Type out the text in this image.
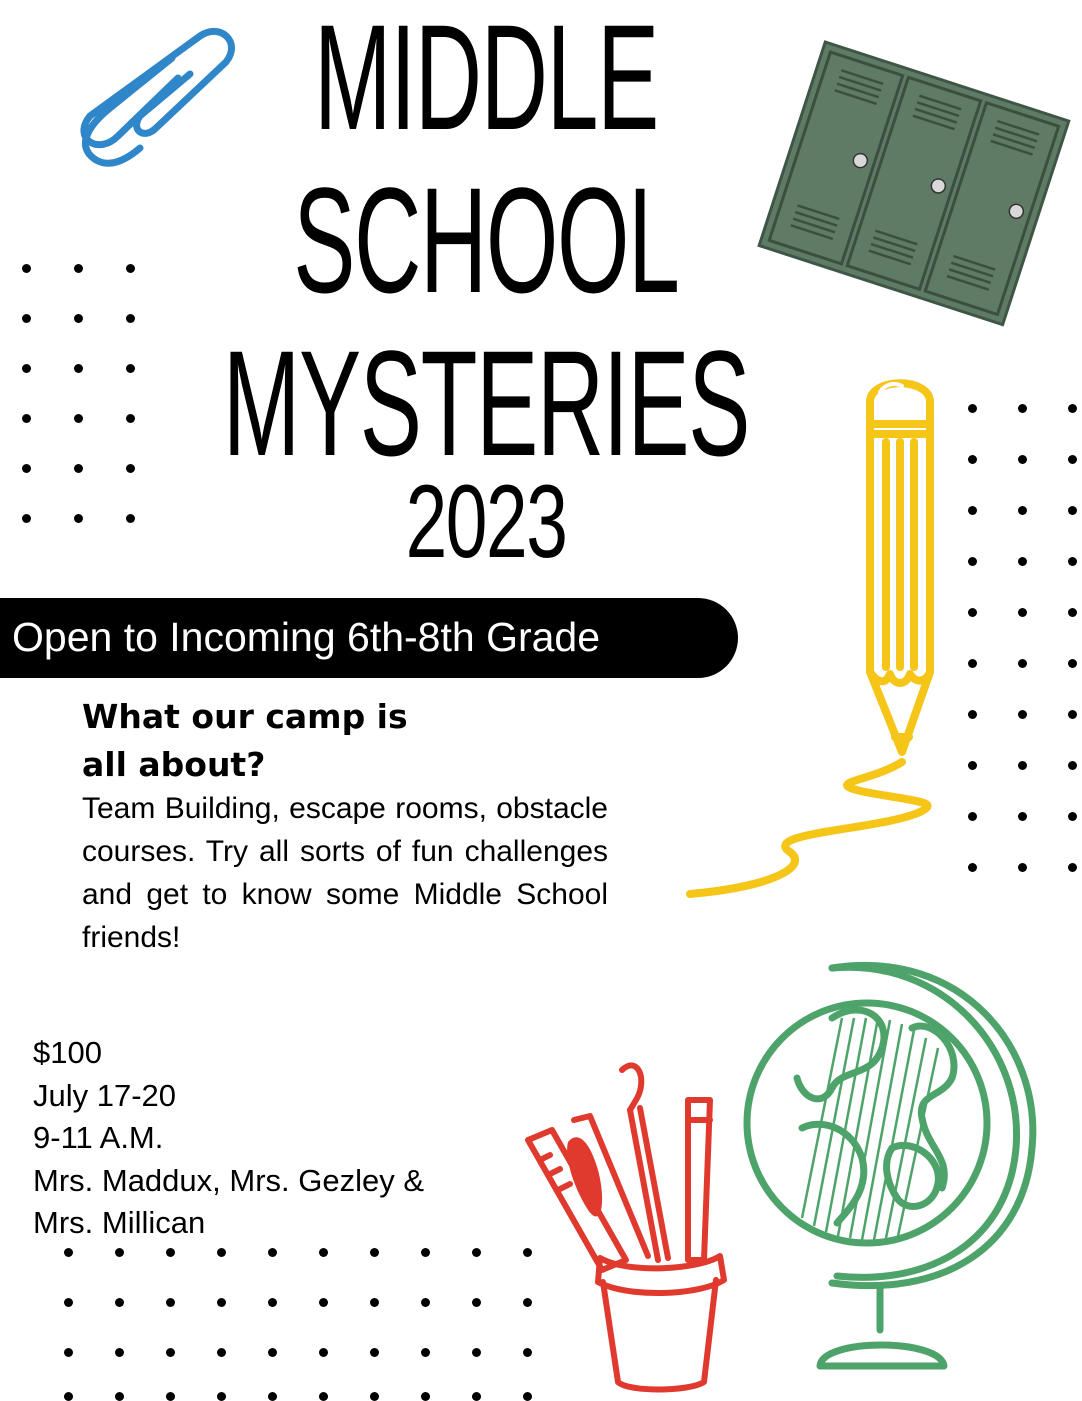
MIDDLE
SCHOOL
MYSTERIES
2023
Open to Incoming 6th-8th Grade
What our camp is
all about?

Team Building, escape rooms, obstacle courses. Try all sorts of fun challenges and get to know some Middle School friends!

$100
July 17-20
9-11 A.M.
Mrs. Maddux, Mrs. Gezley &
Mrs. Millican
